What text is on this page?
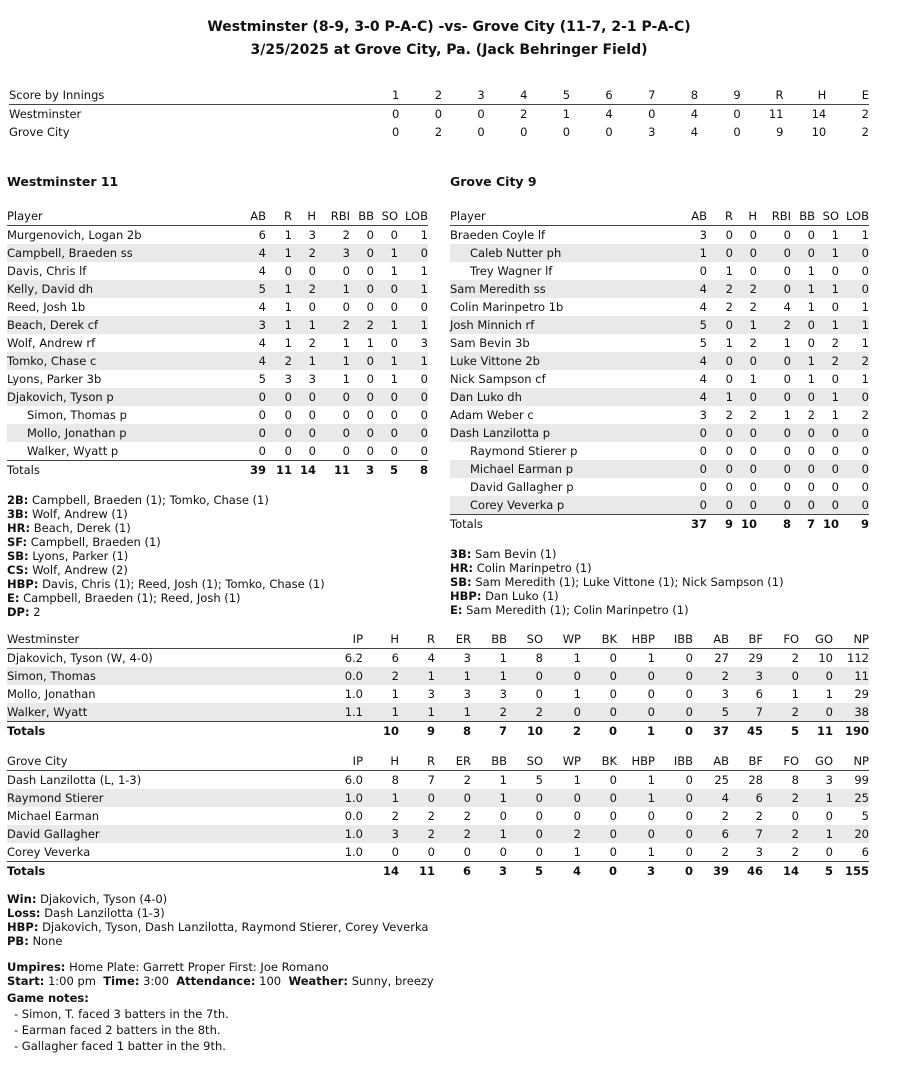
Westminster (8-9, 3-0 P-A-C) -vs- Grove City (11-7, 2-1 P-A-C)
3/25/2025 at Grove City, Pa. (Jack Behringer Field)
Score by Innings	1	2	3	4	5	6	7	8	9	R	H	E
Westminster	0	0	0	2	1	4	0	4	0	11	14	2
Grove City	0	2	0	0	0	0	3	4	0	9	10	2
Westminster 11	Grove City 9
Player	AB	R	H	RBI	BB	SO	LOB
Murgenovich, Logan 2b	6	1	3	2	0	0	1
Campbell, Braeden ss	4	1	2	3	0	1	0
Davis, Chris lf	4	0	0	0	0	1	1
Kelly, David dh	5	1	2	1	0	0	1
Reed, Josh 1b	4	1	0	0	0	0	0
Beach, Derek cf	3	1	1	2	2	1	1
Wolf, Andrew rf	4	1	2	1	1	0	3
Tomko, Chase c	4	2	1	1	0	1	1
Lyons, Parker 3b	5	3	3	1	0	1	0
Djakovich, Tyson p	0	0	0	0	0	0	0
Simon, Thomas p	0	0	0	0	0	0	0
Mollo, Jonathan p	0	0	0	0	0	0	0
Walker, Wyatt p	0	0	0	0	0	0	0
Totals	39	11	14	11	3	5	8
Player	AB	R	H	RBI	BB	SO	LOB
Braeden Coyle lf	3	0	0	0	0	1	1
Caleb Nutter ph	1	0	0	0	0	1	0
Trey Wagner lf	0	1	0	0	1	0	0
Sam Meredith ss	4	2	2	0	1	1	0
Colin Marinpetro 1b	4	2	2	4	1	0	1
Josh Minnich rf	5	0	1	2	0	1	1
Sam Bevin 3b	5	1	2	1	0	2	1
Luke Vittone 2b	4	0	0	0	1	2	2
Nick Sampson cf	4	0	1	0	1	0	1
Dan Luko dh	4	1	0	0	0	1	0
Adam Weber c	3	2	2	1	2	1	2
Dash Lanzilotta p	0	0	0	0	0	0	0
Raymond Stierer p	0	0	0	0	0	0	0
Michael Earman p	0	0	0	0	0	0	0
David Gallagher p	0	0	0	0	0	0	0
Corey Veverka p	0	0	0	0	0	0	0
Totals	37	9	10	8	7	10	9
2B: Campbell, Braeden (1); Tomko, Chase (1)
3B: Wolf, Andrew (1)
HR: Beach, Derek (1)
SF: Campbell, Braeden (1)
SB: Lyons, Parker (1)
CS: Wolf, Andrew (2)
HBP: Davis, Chris (1); Reed, Josh (1); Tomko, Chase (1)
E: Campbell, Braeden (1); Reed, Josh (1)
DP: 2
3B: Sam Bevin (1)
HR: Colin Marinpetro (1)
SB: Sam Meredith (1); Luke Vittone (1); Nick Sampson (1)
HBP: Dan Luko (1)
E: Sam Meredith (1); Colin Marinpetro (1)
Westminster	IP	H	R	ER	BB	SO	WP	BK	HBP	IBB	AB	BF	FO	GO	NP
Djakovich, Tyson (W, 4-0)	6.2	6	4	3	1	8	1	0	1	0	27	29	2	10	112
Simon, Thomas	0.0	2	1	1	1	0	0	0	0	0	2	3	0	0	11
Mollo, Jonathan	1.0	1	3	3	3	0	1	0	0	0	3	6	1	1	29
Walker, Wyatt	1.1	1	1	1	2	2	0	0	0	0	5	7	2	0	38
Totals		10	9	8	7	10	2	0	1	0	37	45	5	11	190
Grove City	IP	H	R	ER	BB	SO	WP	BK	HBP	IBB	AB	BF	FO	GO	NP
Dash Lanzilotta (L, 1-3)	6.0	8	7	2	1	5	1	0	1	0	25	28	8	3	99
Raymond Stierer	1.0	1	0	0	1	0	0	0	1	0	4	6	2	1	25
Michael Earman	0.0	2	2	2	0	0	0	0	0	0	2	2	0	0	5
David Gallagher	1.0	3	2	2	1	0	2	0	0	0	6	7	2	1	20
Corey Veverka	1.0	0	0	0	0	0	1	0	1	0	2	3	2	0	6
Totals		14	11	6	3	5	4	0	3	0	39	46	14	5	155
Win: Djakovich, Tyson (4-0)
Loss: Dash Lanzilotta (1-3)
HBP: Djakovich, Tyson, Dash Lanzilotta, Raymond Stierer, Corey Veverka
PB: None
Umpires: Home Plate: Garrett Proper First: Joe Romano
Start: 1:00 pm Time: 3:00 Attendance: 100 Weather: Sunny, breezy
Game notes:
- Simon, T. faced 3 batters in the 7th.
- Earman faced 2 batters in the 8th.
- Gallagher faced 1 batter in the 9th.
